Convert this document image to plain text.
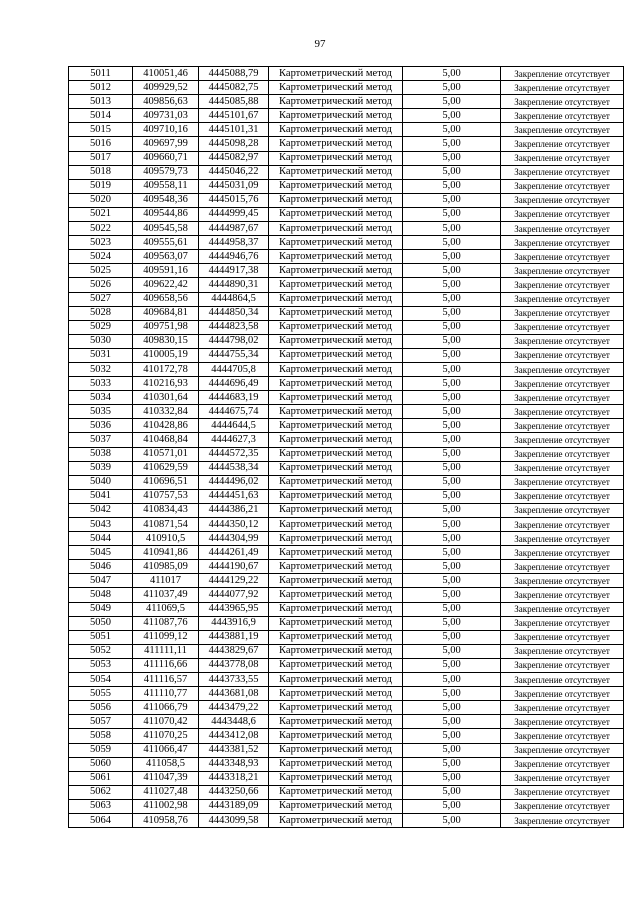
97
5011	410051,46	4445088,79	Картометрический метод	5,00	Закрепление отсутствует
5012	409929,52	4445082,75	Картометрический метод	5,00	Закрепление отсутствует
5013	409856,63	4445085,88	Картометрический метод	5,00	Закрепление отсутствует
5014	409731,03	4445101,67	Картометрический метод	5,00	Закрепление отсутствует
5015	409710,16	4445101,31	Картометрический метод	5,00	Закрепление отсутствует
5016	409697,99	4445098,28	Картометрический метод	5,00	Закрепление отсутствует
5017	409660,71	4445082,97	Картометрический метод	5,00	Закрепление отсутствует
5018	409579,73	4445046,22	Картометрический метод	5,00	Закрепление отсутствует
5019	409558,11	4445031,09	Картометрический метод	5,00	Закрепление отсутствует
5020	409548,36	4445015,76	Картометрический метод	5,00	Закрепление отсутствует
5021	409544,86	4444999,45	Картометрический метод	5,00	Закрепление отсутствует
5022	409545,58	4444987,67	Картометрический метод	5,00	Закрепление отсутствует
5023	409555,61	4444958,37	Картометрический метод	5,00	Закрепление отсутствует
5024	409563,07	4444946,76	Картометрический метод	5,00	Закрепление отсутствует
5025	409591,16	4444917,38	Картометрический метод	5,00	Закрепление отсутствует
5026	409622,42	4444890,31	Картометрический метод	5,00	Закрепление отсутствует
5027	409658,56	4444864,5	Картометрический метод	5,00	Закрепление отсутствует
5028	409684,81	4444850,34	Картометрический метод	5,00	Закрепление отсутствует
5029	409751,98	4444823,58	Картометрический метод	5,00	Закрепление отсутствует
5030	409830,15	4444798,02	Картометрический метод	5,00	Закрепление отсутствует
5031	410005,19	4444755,34	Картометрический метод	5,00	Закрепление отсутствует
5032	410172,78	4444705,8	Картометрический метод	5,00	Закрепление отсутствует
5033	410216,93	4444696,49	Картометрический метод	5,00	Закрепление отсутствует
5034	410301,64	4444683,19	Картометрический метод	5,00	Закрепление отсутствует
5035	410332,84	4444675,74	Картометрический метод	5,00	Закрепление отсутствует
5036	410428,86	4444644,5	Картометрический метод	5,00	Закрепление отсутствует
5037	410468,84	4444627,3	Картометрический метод	5,00	Закрепление отсутствует
5038	410571,01	4444572,35	Картометрический метод	5,00	Закрепление отсутствует
5039	410629,59	4444538,34	Картометрический метод	5,00	Закрепление отсутствует
5040	410696,51	4444496,02	Картометрический метод	5,00	Закрепление отсутствует
5041	410757,53	4444451,63	Картометрический метод	5,00	Закрепление отсутствует
5042	410834,43	4444386,21	Картометрический метод	5,00	Закрепление отсутствует
5043	410871,54	4444350,12	Картометрический метод	5,00	Закрепление отсутствует
5044	410910,5	4444304,99	Картометрический метод	5,00	Закрепление отсутствует
5045	410941,86	4444261,49	Картометрический метод	5,00	Закрепление отсутствует
5046	410985,09	4444190,67	Картометрический метод	5,00	Закрепление отсутствует
5047	411017	4444129,22	Картометрический метод	5,00	Закрепление отсутствует
5048	411037,49	4444077,92	Картометрический метод	5,00	Закрепление отсутствует
5049	411069,5	4443965,95	Картометрический метод	5,00	Закрепление отсутствует
5050	411087,76	4443916,9	Картометрический метод	5,00	Закрепление отсутствует
5051	411099,12	4443881,19	Картометрический метод	5,00	Закрепление отсутствует
5052	411111,11	4443829,67	Картометрический метод	5,00	Закрепление отсутствует
5053	411116,66	4443778,08	Картометрический метод	5,00	Закрепление отсутствует
5054	411116,57	4443733,55	Картометрический метод	5,00	Закрепление отсутствует
5055	411110,77	4443681,08	Картометрический метод	5,00	Закрепление отсутствует
5056	411066,79	4443479,22	Картометрический метод	5,00	Закрепление отсутствует
5057	411070,42	4443448,6	Картометрический метод	5,00	Закрепление отсутствует
5058	411070,25	4443412,08	Картометрический метод	5,00	Закрепление отсутствует
5059	411066,47	4443381,52	Картометрический метод	5,00	Закрепление отсутствует
5060	411058,5	4443348,93	Картометрический метод	5,00	Закрепление отсутствует
5061	411047,39	4443318,21	Картометрический метод	5,00	Закрепление отсутствует
5062	411027,48	4443250,66	Картометрический метод	5,00	Закрепление отсутствует
5063	411002,98	4443189,09	Картометрический метод	5,00	Закрепление отсутствует
5064	410958,76	4443099,58	Картометрический метод	5,00	Закрепление отсутствует
